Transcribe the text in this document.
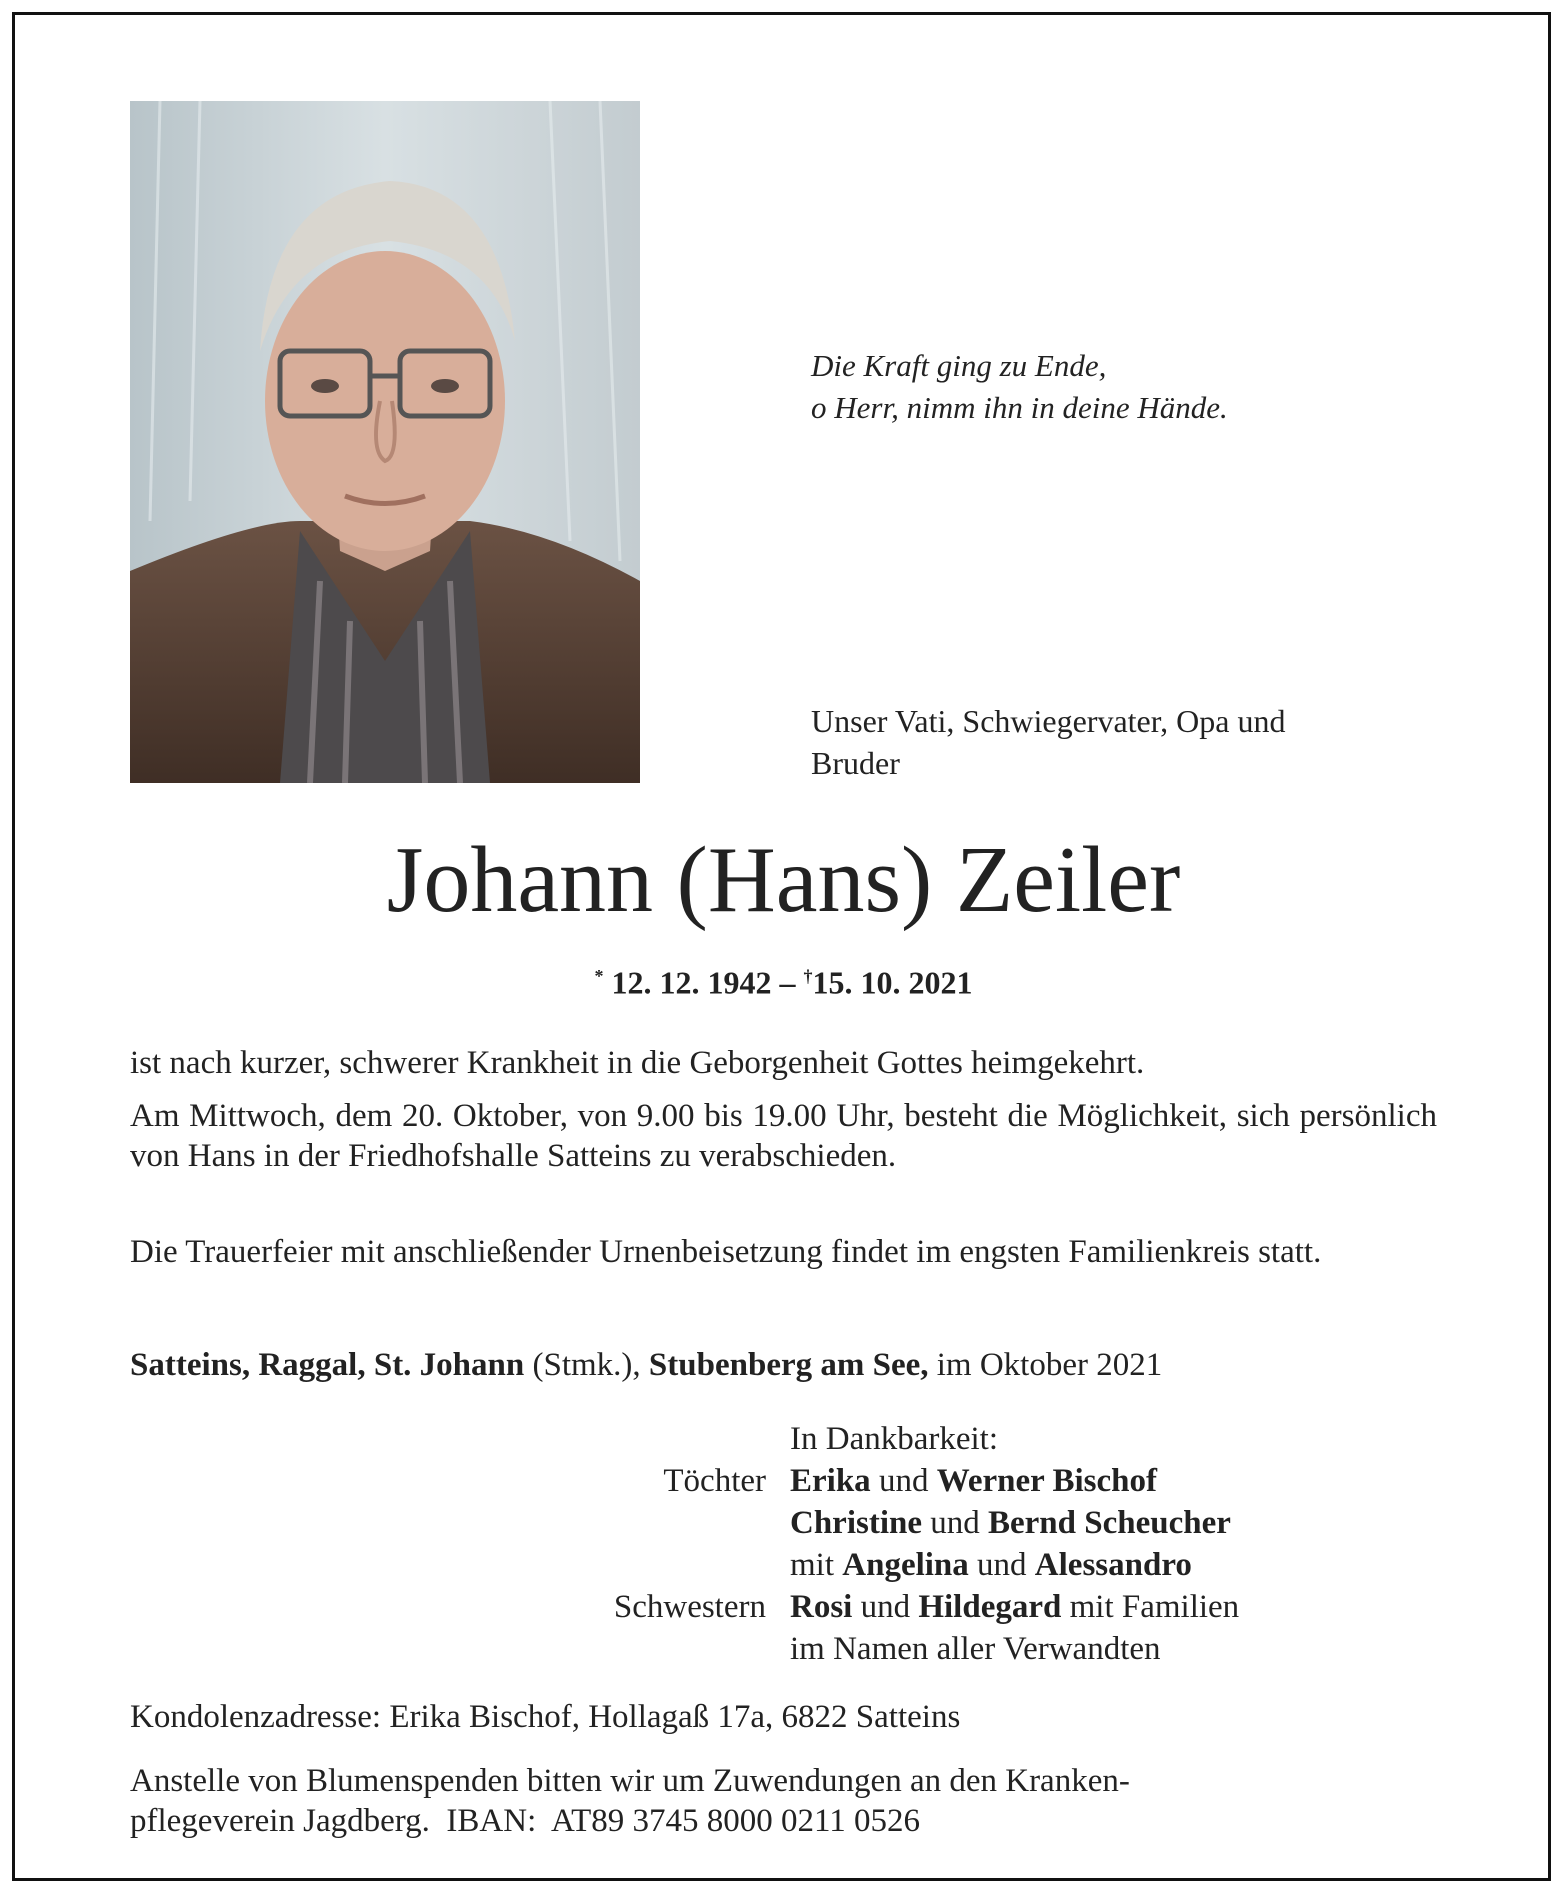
Die Kraft ging zu Ende,
o Herr, nimm ihn in deine Hände.
Unser Vati, Schwiegervater, Opa und
Bruder
Johann (Hans) Zeiler
* 12. 12. 1942 – †15. 10. 2021
ist nach kurzer, schwerer Krankheit in die Geborgenheit Gottes heimgekehrt.
Am Mittwoch, dem 20. Oktober, von 9.00 bis 19.00 Uhr, besteht die Möglichkeit, sich persönlich von Hans in der Friedhofshalle Satteins zu verabschieden.
Die Trauerfeier mit anschließender Urnenbeisetzung findet im engsten Familienkreis statt.
Satteins, Raggal, St. Johann (Stmk.), Stubenberg am See, im Oktober 2021
In Dankbarkeit:
Töchter Erika und Werner Bischof
Christine und Bernd Scheucher
mit Angelina und Alessandro
Schwestern Rosi und Hildegard mit Familien
im Namen aller Verwandten
Kondolenzadresse: Erika Bischof, Hollagaß 17a, 6822 Satteins
Anstelle von Blumenspenden bitten wir um Zuwendungen an den Kranken-
pflegeverein Jagdberg.  IBAN:  AT89 3745 8000 0211 0526
